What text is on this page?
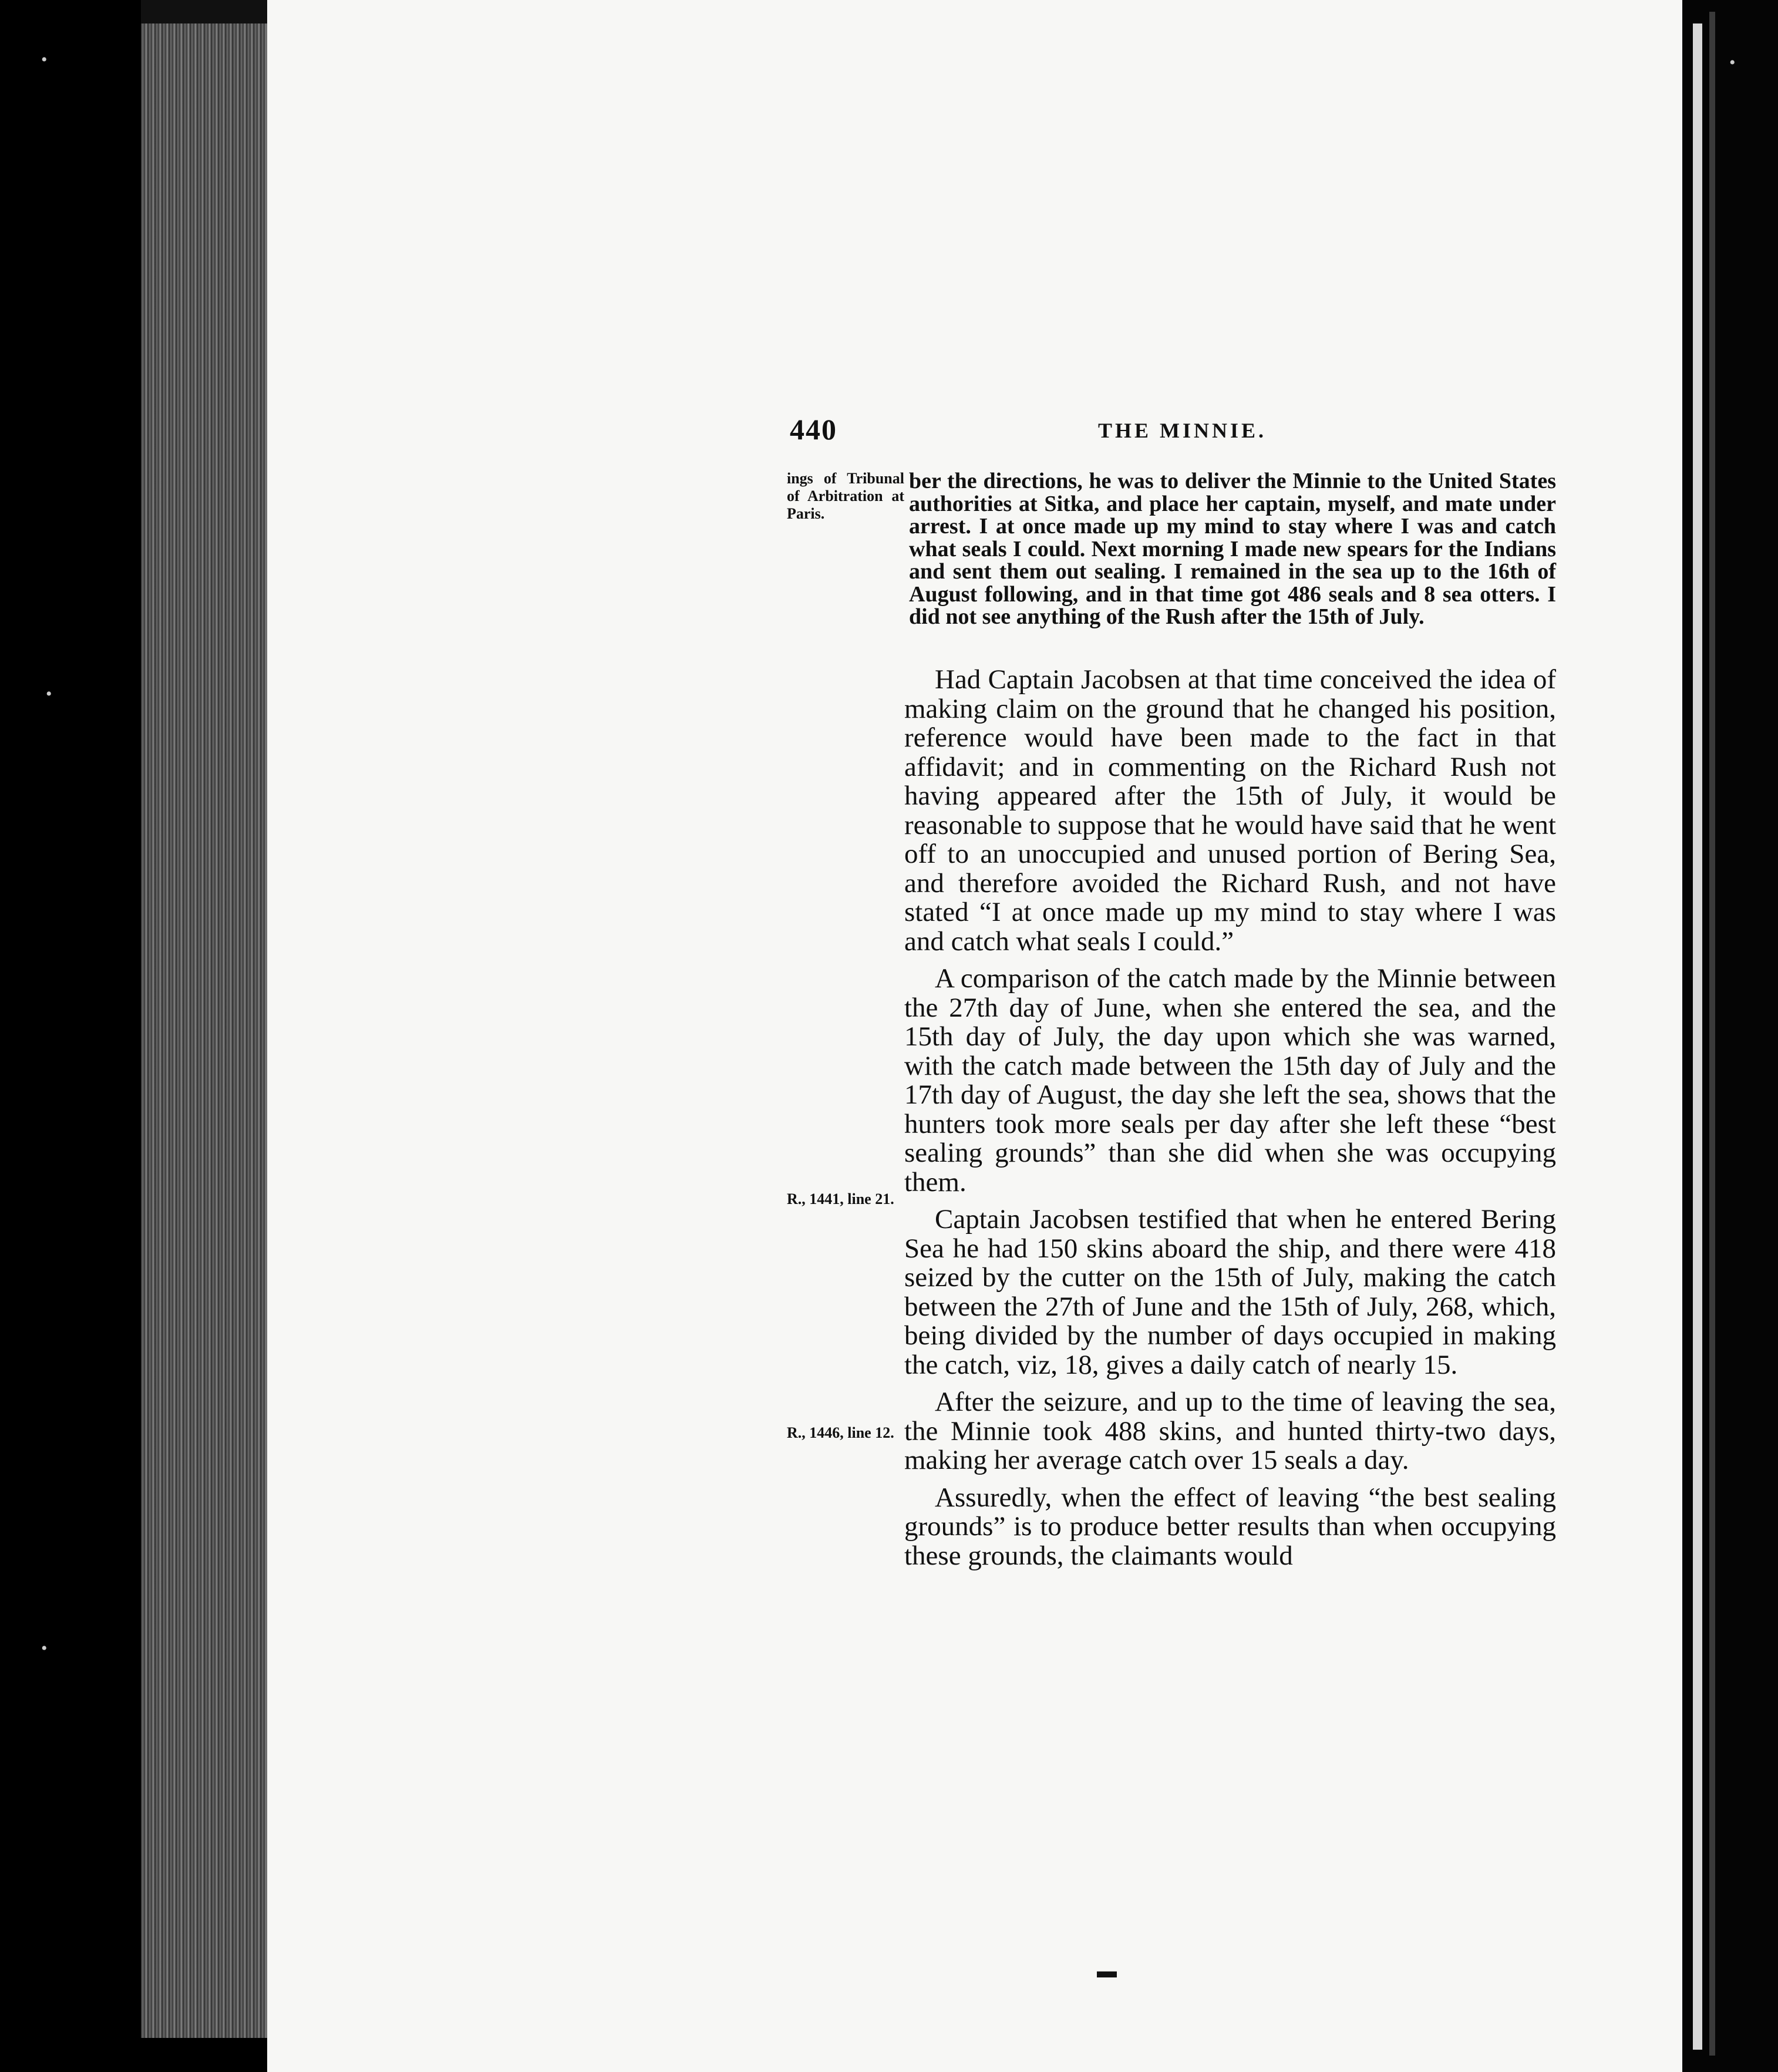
•
•
•
•
440	THE MINNIE.
ings of Tribunal of Arbitration at Paris.
R., 1441, line 21.
R., 1446, line 12.

ber the directions, he was to deliver the Minnie to the United States authorities at Sitka, and place her captain, myself, and mate under arrest. I at once made up my mind to stay where I was and catch what seals I could. Next morning I made new spears for the Indians and sent them out sealing. I remained in the sea up to the 16th of August following, and in that time got 486 seals and 8 sea otters. I did not see anything of the Rush after the 15th of July.

Had Captain Jacobsen at that time conceived the idea of making claim on the ground that he changed his position, reference would have been made to the fact in that affidavit; and in commenting on the Richard Rush not having appeared after the 15th of July, it would be reasonable to suppose that he would have said that he went off to an unoccupied and unused portion of Bering Sea, and therefore avoided the Richard Rush, and not have stated “I at once made up my mind to stay where I was and catch what seals I could.”

A comparison of the catch made by the Minnie between the 27th day of June, when she entered the sea, and the 15th day of July, the day upon which she was warned, with the catch made between the 15th day of July and the 17th day of August, the day she left the sea, shows that the hunters took more seals per day after she left these “best sealing grounds” than she did when she was occupying them.

Captain Jacobsen testified that when he entered Bering Sea he had 150 skins aboard the ship, and there were 418 seized by the cutter on the 15th of July, making the catch between the 27th of June and the 15th of July, 268, which, being divided by the number of days occupied in making the catch, viz, 18, gives a daily catch of nearly 15.

After the seizure, and up to the time of leaving the sea, the Minnie took 488 skins, and hunted thirty-two days, making her average catch over 15 seals a day.

Assuredly, when the effect of leaving “the best sealing grounds” is to produce better results than when occupying these grounds, the claimants would

▬
